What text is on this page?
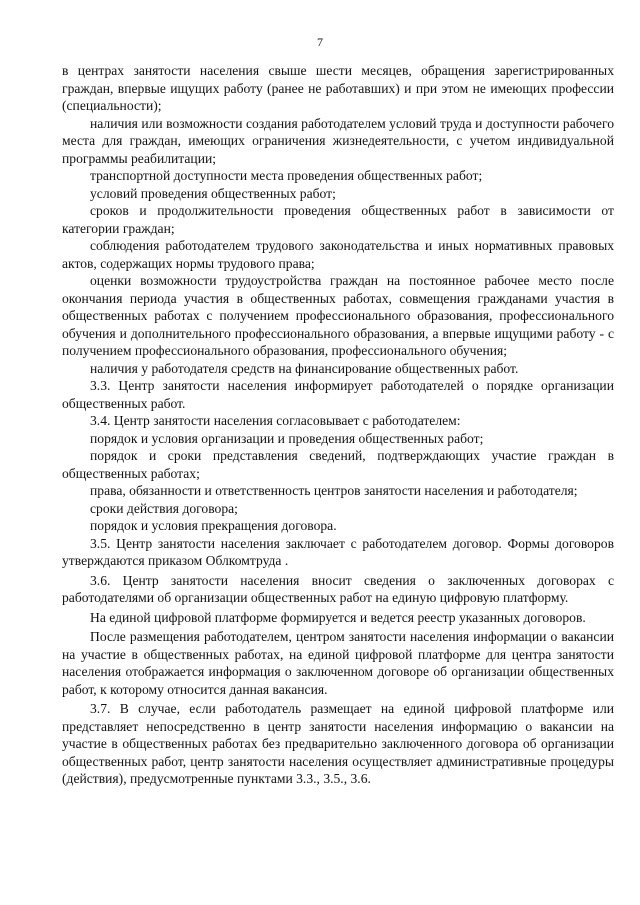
7

в центрах занятости населения свыше шести месяцев, обращения зарегистрированных граждан, впервые ищущих работу (ранее не работавших) и при этом не имеющих профессии (специальности);

наличия или возможности создания работодателем условий труда и доступности рабочего места для граждан, имеющих ограничения жизнедеятельности, с учетом индивидуальной программы реабилитации;

транспортной доступности места проведения общественных работ;

условий проведения общественных работ;

сроков и продолжительности проведения общественных работ в зависимости от категории граждан;

соблюдения работодателем трудового законодательства и иных нормативных правовых актов, содержащих нормы трудового права;

оценки возможности трудоустройства граждан на постоянное рабочее место после окончания периода участия в общественных работах, совмещения гражданами участия в общественных работах с получением профессионального образования, профессионального обучения и дополнительного профессионального образования, а впервые ищущими работу - с получением профессионального образования, профессионального обучения;

наличия у работодателя средств на финансирование общественных работ.

3.3. Центр занятости населения информирует работодателей о порядке организации общественных работ.

3.4. Центр занятости населения согласовывает с работодателем:

порядок и условия организации и проведения общественных работ;

порядок и сроки представления сведений, подтверждающих участие граждан в общественных работах;

права, обязанности и ответственность центров занятости населения и работодателя;

сроки действия договора;

порядок и условия прекращения договора.

3.5. Центр занятости населения заключает с работодателем договор. Формы договоров утверждаются приказом Облкомтруда .

3.6. Центр занятости населения вносит сведения о заключенных договорах с работодателями об организации общественных работ на единую цифровую платформу.

На единой цифровой платформе формируется и ведется реестр указанных договоров.

После размещения работодателем, центром занятости населения информации о вакансии на участие в общественных работах, на единой цифровой платформе для центра занятости населения отображается информация о заключенном договоре об организации общественных работ, к которому относится данная вакансия.

3.7. В случае, если работодатель размещает на единой цифровой платформе или представляет непосредственно в центр занятости населения информацию о вакансии на участие в общественных работах без предварительно заключенного договора об организации общественных работ, центр занятости населения осуществляет административные процедуры (действия), предусмотренные пунктами 3.3., 3.5., 3.6.
